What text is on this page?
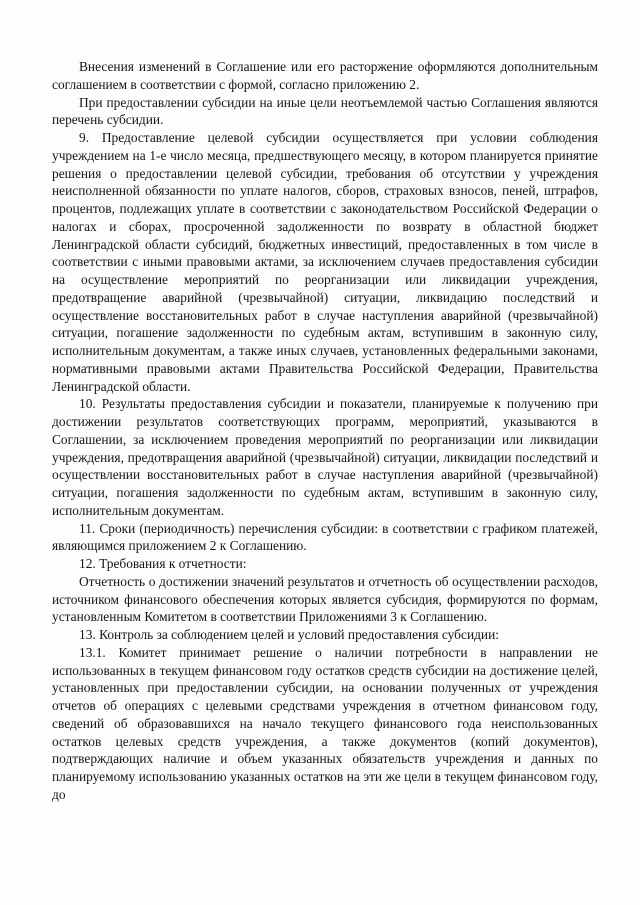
Внесения изменений в Соглашение или его расторжение оформляются дополнительным соглашением в соответствии с формой, согласно приложению 2.

При предоставлении субсидии на иные цели неотъемлемой частью Соглашения являются перечень субсидии.

9. Предоставление целевой субсидии осуществляется при условии соблюдения учреждением на 1-е число месяца, предшествующего месяцу, в котором планируется принятие решения о предоставлении целевой субсидии, требования об отсутствии у учреждения неисполненной обязанности по уплате налогов, сборов, страховых взносов, пеней, штрафов, процентов, подлежащих уплате в соответствии с законодательством Российской Федерации о налогах и сборах, просроченной задолженности по возврату в областной бюджет Ленинградской области субсидий, бюджетных инвестиций, предоставленных в том числе в соответствии с иными правовыми актами, за исключением случаев предоставления субсидии на осуществление мероприятий по реорганизации или ликвидации учреждения, предотвращение аварийной (чрезвычайной) ситуации, ликвидацию последствий и осуществление восстановительных работ в случае наступления аварийной (чрезвычайной) ситуации, погашение задолженности по судебным актам, вступившим в законную силу, исполнительным документам, а также иных случаев, установленных федеральными законами, нормативными правовыми актами Правительства Российской Федерации, Правительства Ленинградской области.

10. Результаты предоставления субсидии и показатели, планируемые к получению при достижении результатов соответствующих программ, мероприятий, указываются в Соглашении, за исключением проведения мероприятий по реорганизации или ликвидации учреждения, предотвращения аварийной (чрезвычайной) ситуации, ликвидации последствий и осуществлении восстановительных работ в случае наступления аварийной (чрезвычайной) ситуации, погашения задолженности по судебным актам, вступившим в законную силу, исполнительным документам.

11. Сроки (периодичность) перечисления субсидии: в соответствии с графиком платежей, являющимся приложением 2 к Соглашению.

12. Требования к отчетности:

Отчетность о достижении значений результатов и отчетность об осуществлении расходов, источником финансового обеспечения которых является субсидия, формируются по формам, установленным Комитетом в соответствии Приложениями 3 к Соглашению.

13. Контроль за соблюдением целей и условий предоставления субсидии:

13.1. Комитет принимает решение о наличии потребности в направлении не использованных в текущем финансовом году остатков средств субсидии на достижение целей, установленных при предоставлении субсидии, на основании полученных от учреждения отчетов об операциях с целевыми средствами учреждения в отчетном финансовом году, сведений об образовавшихся на начало текущего финансового года неиспользованных остатков целевых средств учреждения, а также документов (копий документов), подтверждающих наличие и объем указанных обязательств учреждения и данных по планируемому использованию указанных остатков на эти же цели в текущем финансовом году, до
